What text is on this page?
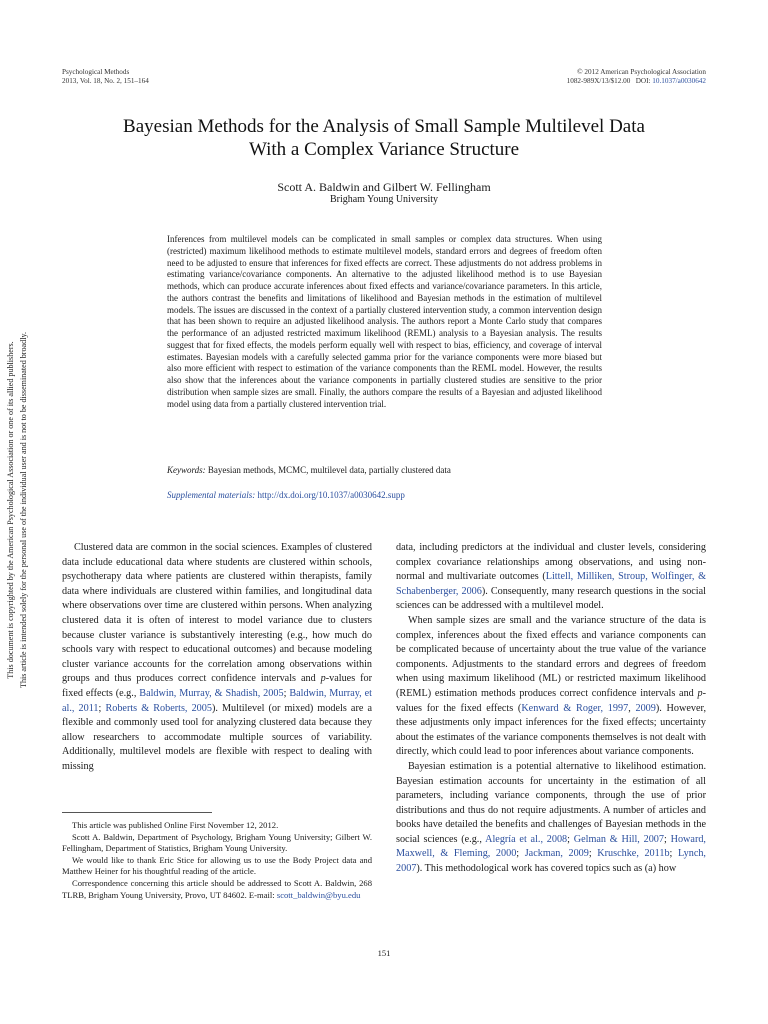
Psychological Methods
2013, Vol. 18, No. 2, 151–164
© 2012 American Psychological Association
1082-989X/13/$12.00 DOI: 10.1037/a0030642
Bayesian Methods for the Analysis of Small Sample Multilevel Data
With a Complex Variance Structure
Scott A. Baldwin and Gilbert W. Fellingham
Brigham Young University

Inferences from multilevel models can be complicated in small samples or complex data structures. When using (restricted) maximum likelihood methods to estimate multilevel models, standard errors and degrees of freedom often need to be adjusted to ensure that inferences for fixed effects are correct. These adjustments do not address problems in estimating variance/covariance components. An alternative to the adjusted likelihood method is to use Bayesian methods, which can produce accurate inferences about fixed effects and variance/covariance parameters. In this article, the authors contrast the benefits and limitations of likelihood and Bayesian methods in the estimation of multilevel models. The issues are discussed in the context of a partially clustered intervention study, a common intervention design that has been shown to require an adjusted likelihood analysis. The authors report a Monte Carlo study that compares the performance of an adjusted restricted maximum likelihood (REML) analysis to a Bayesian analysis. The results suggest that for fixed effects, the models perform equally well with respect to bias, efficiency, and coverage of interval estimates. Bayesian models with a carefully selected gamma prior for the variance components were more biased but also more efficient with respect to estimation of the variance components than the REML model. However, the results also show that the inferences about the variance components in partially clustered studies are sensitive to the prior distribution when sample sizes are small. Finally, the authors compare the results of a Bayesian and adjusted likelihood model using data from a partially clustered intervention trial.

Keywords: Bayesian methods, MCMC, multilevel data, partially clustered data
Supplemental materials: http://dx.doi.org/10.1037/a0030642.supp
This document is copyrighted by the American Psychological Association or one of its allied publishers. This article is intended solely for the personal use of the individual user and is not to be disseminated broadly.	Clustered data are common in the social sciences. Examples of clustered data include educational data where students are clustered within schools, psychotherapy data where patients are clustered within therapists, family data where individuals are clustered within families, and longitudinal data where observations over time are clustered within persons. When analyzing clustered data it is often of interest to model variance due to clusters because cluster variance is substantively interesting (e.g., how much do schools vary with respect to educational outcomes) and because modeling cluster variance accounts for the correlation among observations within groups and thus produces correct confidence intervals and p-values for fixed effects (e.g., Baldwin, Murray, & Shadish, 2005; Baldwin, Murray, et al., 2011; Roberts & Roberts, 2005). Multilevel (or mixed) models are a flexible and commonly used tool for analyzing clustered data because they allow researchers to accommodate multiple sources of variability. Additionally, multilevel models are flexible with respect to dealing with missing

This article was published Online First November 12, 2012.

Scott A. Baldwin, Department of Psychology, Brigham Young University; Gilbert W. Fellingham, Department of Statistics, Brigham Young University.

We would like to thank Eric Stice for allowing us to use the Body Project data and Matthew Heiner for his thoughtful reading of the article.

Correspondence concerning this article should be addressed to Scott A. Baldwin, 268 TLRB, Brigham Young University, Provo, UT 84602. E-mail: scott_baldwin@byu.edu

data, including predictors at the individual and cluster levels, considering complex covariance relationships among observations, and using non-normal and multivariate outcomes (Littell, Milliken, Stroup, Wolfinger, & Schabenberger, 2006). Consequently, many research questions in the social sciences can be addressed with a multilevel model.

When sample sizes are small and the variance structure of the data is complex, inferences about the fixed effects and variance components can be complicated because of uncertainty about the true value of the variance components. Adjustments to the standard errors and degrees of freedom when using maximum likelihood (ML) or restricted maximum likelihood (REML) estimation methods produces correct confidence intervals and p-values for the fixed effects (Kenward & Roger, 1997, 2009). However, these adjustments only impact inferences for the fixed effects; uncertainty about the estimates of the variance components themselves is not dealt with directly, which could lead to poor inferences about variance components.

Bayesian estimation is a potential alternative to likelihood estimation. Bayesian estimation accounts for uncertainty in the estimation of all parameters, including variance components, through the use of prior distributions and thus do not require adjustments. A number of articles and books have detailed the benefits and challenges of Bayesian methods in the social sciences (e.g., Alegría et al., 2008; Gelman & Hill, 2007; Howard, Maxwell, & Fleming, 2000; Jackman, 2009; Kruschke, 2011b; Lynch, 2007). This methodological work has covered topics such as (a) how

151
